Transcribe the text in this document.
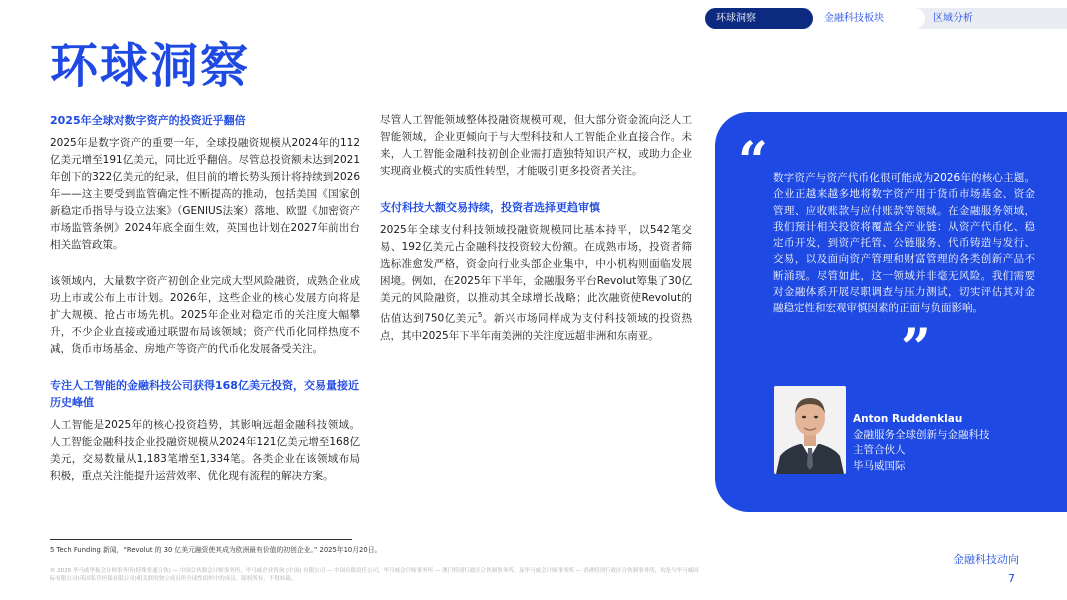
环球洞察	金融科技板块	区域分析
环球洞察
2025年全球对数字资产的投资近乎翻倍

2025年是数字资产的重要一年，全球投融资规模从2024年的112亿美元增至191亿美元，同比近乎翻倍。尽管总投资额未达到2021年创下的322亿美元的纪录，但目前的增长势头预计将持续到2026年——这主要受到监管确定性不断提高的推动，包括美国《国家创新稳定币指导与设立法案》（GENIUS法案）落地、欧盟《加密资产市场监管条例》2024年底全面生效，英国也计划在2027年前出台相关监管政策。

该领域内，大量数字资产初创企业完成大型风险融资，成熟企业成功上市或公布上市计划。2026年，这些企业的核心发展方向将是扩大规模、抢占市场先机。2025年企业对稳定币的关注度大幅攀升，不少企业直接或通过联盟布局该领域；资产代币化同样热度不减，货币市场基金、房地产等资产的代币化发展备受关注。

专注人工智能的金融科技公司获得168亿美元投资，交易量接近历史峰值

人工智能是2025年的核心投资趋势，其影响远超金融科技领域。人工智能金融科技企业投融资规模从2024年121亿美元增至168亿美元，交易数量从1,183笔增至1,334笔。各类企业在该领域布局积极，重点关注能提升运营效率、优化现有流程的解决方案。

尽管人工智能领域整体投融资规模可观，但大部分资金流向泛人工智能领域，企业更倾向于与大型科技和人工智能企业直接合作。未来，人工智能金融科技初创企业需打造独特知识产权，或助力企业实现商业模式的实质性转型，才能吸引更多投资者关注。

支付科技大额交易持续，投资者选择更趋审慎

2025年全球支付科技领域投融资规模同比基本持平，以542笔交易、192亿美元占金融科技投资较大份额。在成熟市场，投资者筛选标准愈发严格，资金向行业头部企业集中，中小机构则面临发展困境。例如，在2025年下半年，金融服务平台Revolut筹集了30亿美元的风险融资，以推动其全球增长战略；此次融资使Revolut的估值达到750亿美元$^5$。新兴市场同样成为支付科技领域的投资热点，其中2025年下半年南美洲的关注度远超非洲和东南亚。

“ 数字资产与资产代币化很可能成为2026年的核心主题。企业正越来越多地将数字资产用于货币市场基金、资金管理、应收账款与应付账款等领域。在金融服务领域，我们预计相关投资将覆盖全产业链：从资产代币化、稳定币开发，到资产托管、公链服务、代币铸造与发行、交易，以及面向资产管理和财富管理的各类创新产品不断涌现。尽管如此，这一领域并非毫无风险。我们需要对金融体系开展尽职调查与压力测试，切实评估其对金融稳定性和宏观审慎因素的正面与负面影响。
”
Anton Ruddenklau
金融服务全球创新与金融科技
主管合伙人
毕马威国际
5 Tech Funding 新闻，“Revolut 的 30 亿美元融资使其成为欧洲最有价值的初创企业。” 2025年10月20日。
© 2026 毕马威华振会计师事务所(特殊普通合伙) — 中国合伙制会计师事务所，毕马威企业咨询 (中国) 有限公司 — 中国有限责任公司，毕马威会计师事务所 — 澳门特别行政区合伙制事务所，及毕马威会计师事务所 — 香港特别行政区合伙制事务所，均是与毕马威国际有限公司(英国私营担保有限公司)相关联的独立成员所全球性组织中的成员。版权所有，不得转载。
金融科技动向
7
